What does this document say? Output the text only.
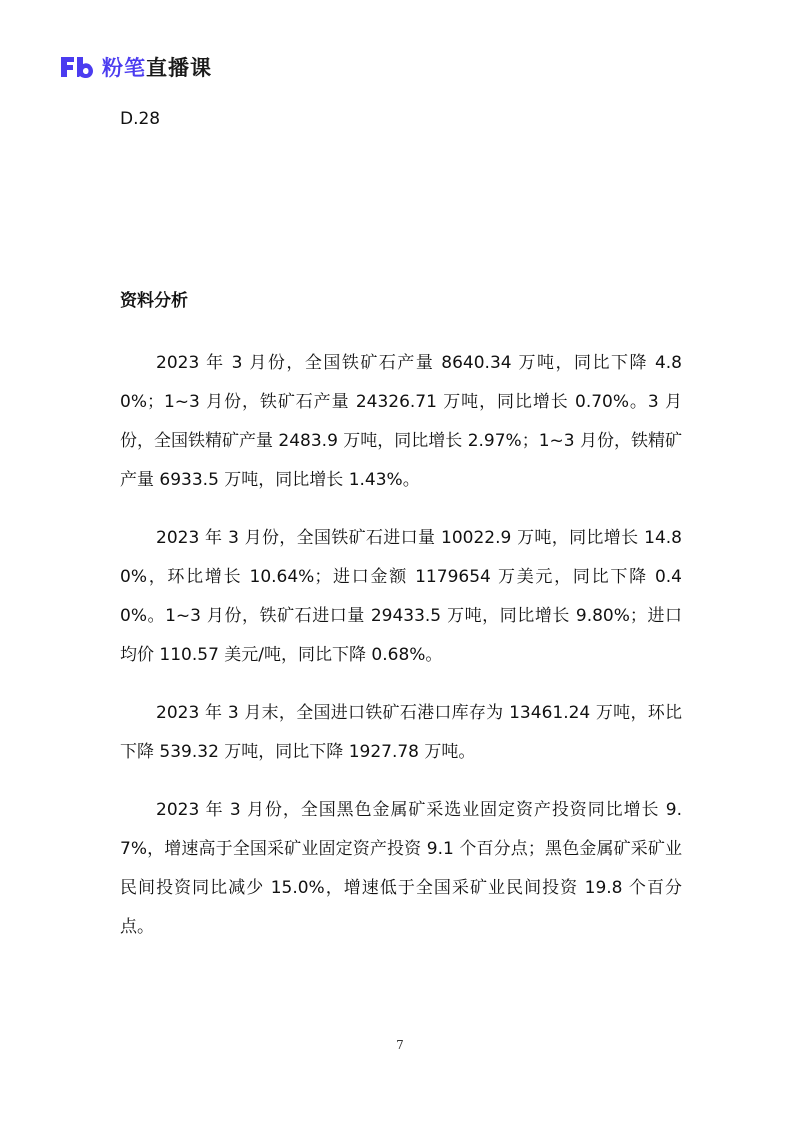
粉笔直播课
D.28
资料分析

2023 年 3 月份，全国铁矿石产量 8640.34 万吨，同比下降 4.80%；1~3 月份，铁矿石产量 24326.71 万吨，同比增长 0.70%。3 月份，全国铁精矿产量 2483.9 万吨，同比增长 2.97%；1~3 月份，铁精矿产量 6933.5 万吨，同比增长 1.43%。

2023 年 3 月份，全国铁矿石进口量 10022.9 万吨，同比增长 14.80%，环比增长 10.64%；进口金额 1179654 万美元，同比下降 0.40%。1~3 月份，铁矿石进口量 29433.5 万吨，同比增长 9.80%；进口均价 110.57 美元/吨，同比下降 0.68%。

2023 年 3 月末，全国进口铁矿石港口库存为 13461.24 万吨，环比下降 539.32 万吨，同比下降 1927.78 万吨。

2023 年 3 月份，全国黑色金属矿采选业固定资产投资同比增长 9.7%，增速高于全国采矿业固定资产投资 9.1 个百分点；黑色金属矿采矿业民间投资同比减少 15.0%，增速低于全国采矿业民间投资 19.8 个百分点。

7
